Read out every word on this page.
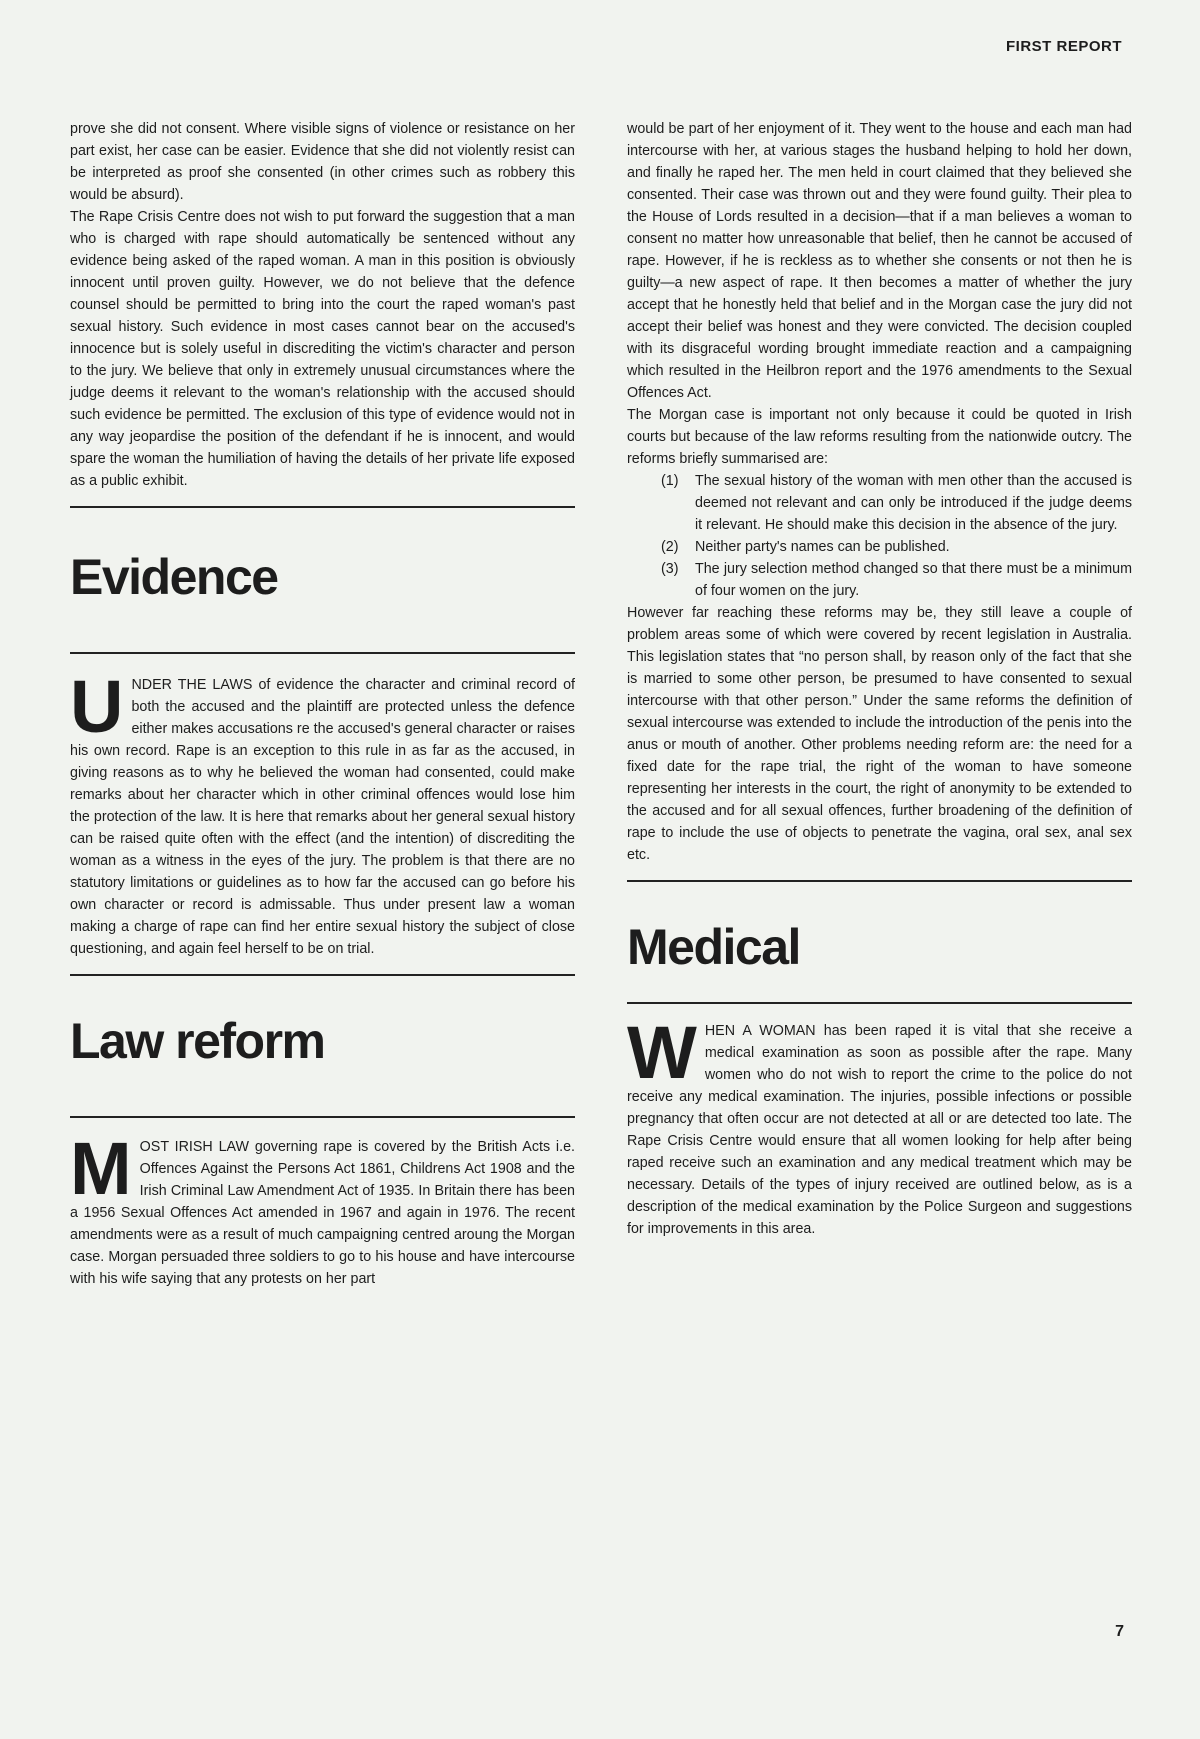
FIRST REPORT

prove she did not consent. Where visible signs of violence or resistance on her part exist, her case can be easier. Evidence that she did not violently resist can be interpreted as proof she consented (in other crimes such as robbery this would be absurd).

The Rape Crisis Centre does not wish to put forward the suggestion that a man who is charged with rape should automatically be sentenced without any evidence being asked of the raped woman. A man in this position is obviously innocent until proven guilty. However, we do not believe that the defence counsel should be permitted to bring into the court the raped woman's past sexual history. Such evidence in most cases cannot bear on the accused's innocence but is solely useful in discrediting the victim's character and person to the jury. We believe that only in extremely unusual circumstances where the judge deems it relevant to the woman's relationship with the accused should such evidence be permitted. The exclusion of this type of evidence would not in any way jeopardise the position of the defendant if he is innocent, and would spare the woman the humiliation of having the details of her private life exposed as a public exhibit.

Evidence

UNDER THE LAWS of evidence the character and criminal record of both the accused and the plaintiff are protected unless the defence either makes accusations re the accused's general character or raises his own record. Rape is an exception to this rule in as far as the accused, in giving reasons as to why he believed the woman had consented, could make remarks about her character which in other criminal offences would lose him the protection of the law. It is here that remarks about her general sexual history can be raised quite often with the effect (and the intention) of discrediting the woman as a witness in the eyes of the jury. The problem is that there are no statutory limitations or guidelines as to how far the accused can go before his own character or record is admissable. Thus under present law a woman making a charge of rape can find her entire sexual history the subject of close questioning, and again feel herself to be on trial.

Law reform

MOST IRISH LAW governing rape is covered by the British Acts i.e. Offences Against the Persons Act 1861, Childrens Act 1908 and the Irish Criminal Law Amendment Act of 1935. In Britain there has been a 1956 Sexual Offences Act amended in 1967 and again in 1976. The recent amendments were as a result of much campaigning centred aroung the Morgan case. Morgan persuaded three soldiers to go to his house and have intercourse with his wife saying that any protests on her part

would be part of her enjoyment of it. They went to the house and each man had intercourse with her, at various stages the husband helping to hold her down, and finally he raped her. The men held in court claimed that they believed she consented. Their case was thrown out and they were found guilty. Their plea to the House of Lords resulted in a decision—that if a man believes a woman to consent no matter how unreasonable that belief, then he cannot be accused of rape. However, if he is reckless as to whether she consents or not then he is guilty—a new aspect of rape. It then becomes a matter of whether the jury accept that he honestly held that belief and in the Morgan case the jury did not accept their belief was honest and they were convicted. The decision coupled with its disgraceful wording brought immediate reaction and a campaigning which resulted in the Heilbron report and the 1976 amendments to the Sexual Offences Act.

The Morgan case is important not only because it could be quoted in Irish courts but because of the law reforms resulting from the nationwide outcry. The reforms briefly summarised are:

(1) The sexual history of the woman with men other than the accused is deemed not relevant and can only be introduced if the judge deems it relevant. He should make this decision in the absence of the jury.
(2) Neither party's names can be published.
(3) The jury selection method changed so that there must be a minimum of four women on the jury.

However far reaching these reforms may be, they still leave a couple of problem areas some of which were covered by recent legislation in Australia. This legislation states that “no person shall, by reason only of the fact that she is married to some other person, be presumed to have consented to sexual intercourse with that other person.” Under the same reforms the definition of sexual intercourse was extended to include the introduction of the penis into the anus or mouth of another. Other problems needing reform are: the need for a fixed date for the rape trial, the right of the woman to have someone representing her interests in the court, the right of anonymity to be extended to the accused and for all sexual offences, further broadening of the definition of rape to include the use of objects to penetrate the vagina, oral sex, anal sex etc.

Medical

WHEN A WOMAN has been raped it is vital that she receive a medical examination as soon as possible after the rape. Many women who do not wish to report the crime to the police do not receive any medical examination. The injuries, possible infections or possible pregnancy that often occur are not detected at all or are detected too late. The Rape Crisis Centre would ensure that all women looking for help after being raped receive such an examination and any medical treatment which may be necessary. Details of the types of injury received are outlined below, as is a description of the medical examination by the Police Surgeon and suggestions for improvements in this area.

7
